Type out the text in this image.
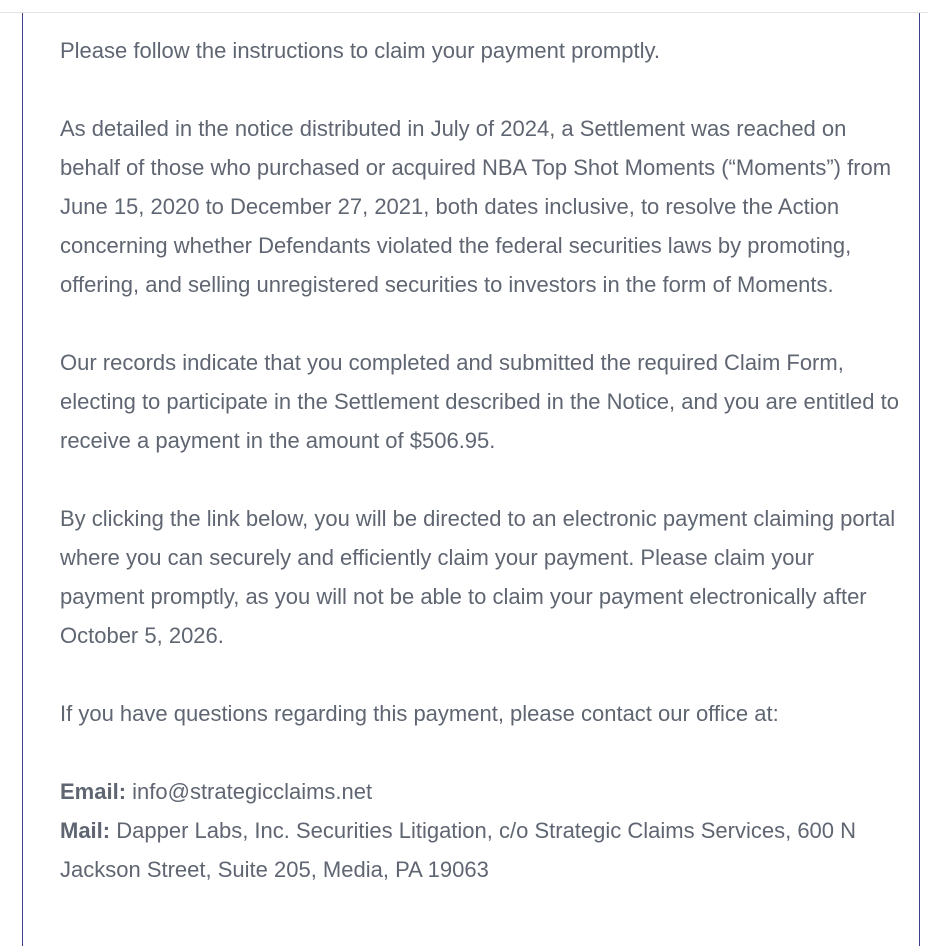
Please follow the instructions to claim your payment promptly.

As detailed in the notice distributed in July of 2024, a Settlement was reached on behalf of those who purchased or acquired NBA Top Shot Moments (“Moments”) from June 15, 2020 to December 27, 2021, both dates inclusive, to resolve the Action concerning whether Defendants violated the federal securities laws by promoting, offering, and selling unregistered securities to investors in the form of Moments.

Our records indicate that you completed and submitted the required Claim Form, electing to participate in the Settlement described in the Notice, and you are entitled to receive a payment in the amount of $506.95.

By clicking the link below, you will be directed to an electronic payment claiming portal where you can securely and efficiently claim your payment. Please claim your payment promptly, as you will not be able to claim your payment electronically after October 5, 2026.

If you have questions regarding this payment, please contact our office at:

Email: info@strategicclaims.net
Mail: Dapper Labs, Inc. Securities Litigation, c/o Strategic Claims Services, 600 N Jackson Street, Suite 205, Media, PA 19063
